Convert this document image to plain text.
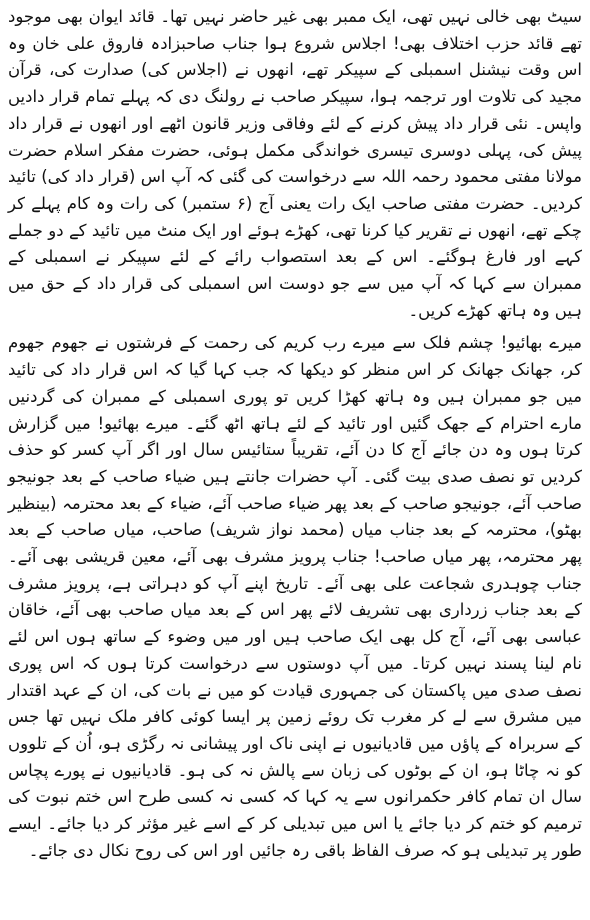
سیٹ بھی خالی نہیں تھی، ایک ممبر بھی غیر حاضر نہیں تھا۔ قائد ایوان بھی موجود تھے قائد حزب اختلاف بھی! اجلاس شروع ہوا جناب صاحبزادہ فاروق علی خان وہ اس وقت نیشنل اسمبلی کے سپیکر تھے، انھوں نے (اجلاس کی) صدارت کی، قرآن مجید کی تلاوت اور ترجمہ ہوا، سپیکر صاحب نے رولنگ دی کہ پہلے تمام قرار دادیں واپس۔ نئی قرار داد پیش کرنے کے لئے وفاقی وزیر قانون اٹھے اور انھوں نے قرار داد پیش کی، پہلی دوسری تیسری خواندگی مکمل ہوئی، حضرت مفکر اسلام حضرت مولانا مفتی محمود رحمہ اللہ سے درخواست کی گئی کہ آپ اس (قرار داد کی) تائید کردیں۔ حضرت مفتی صاحب ایک رات یعنی آج (۶ ستمبر) کی رات وہ کام پہلے کر چکے تھے، انھوں نے تقریر کیا کرنا تھی، کھڑے ہوئے اور ایک منٹ میں تائید کے دو جملے کہے اور فارغ ہوگئے۔ اس کے بعد استصواب رائے کے لئے سپیکر نے اسمبلی کے ممبران سے کہا کہ آپ میں سے جو دوست اس اسمبلی کی قرار داد کے حق میں ہیں وہ ہاتھ کھڑے کریں۔

میرے بھائیو! چشم فلک سے میرے رب کریم کی رحمت کے فرشتوں نے جھوم جھوم کر، جھانک جھانک کر اس منظر کو دیکھا کہ جب کہا گیا کہ اس قرار داد کی تائید میں جو ممبران ہیں وہ ہاتھ کھڑا کریں تو پوری اسمبلی کے ممبران کی گردنیں مارے احترام کے جھک گئیں اور تائید کے لئے ہاتھ اٹھ گئے۔ میرے بھائیو! میں گزارش کرتا ہوں وہ دن جائے آج کا دن آئے، تقریباً ستائیس سال اور اگر آپ کسر کو حذف کردیں تو نصف صدی بیت گئی۔ آپ حضرات جانتے ہیں ضیاء صاحب کے بعد جونیجو صاحب آئے، جونیجو صاحب کے بعد پھر ضیاء صاحب آئے، ضیاء کے بعد محترمہ (بینظیر بھٹو)، محترمہ کے بعد جناب میاں (محمد نواز شریف) صاحب، میاں صاحب کے بعد پھر محترمہ، پھر میاں صاحب! جناب پرویز مشرف بھی آئے، معین قریشی بھی آئے۔ جناب چوہدری شجاعت علی بھی آئے۔ تاریخ اپنے آپ کو دہراتی ہے، پرویز مشرف کے بعد جناب زرداری بھی تشریف لائے پھر اس کے بعد میاں صاحب بھی آئے، خاقان عباسی بھی آئے، آج کل بھی ایک صاحب ہیں اور میں وضوء کے ساتھ ہوں اس لئے نام لینا پسند نہیں کرتا۔ میں آپ دوستوں سے درخواست کرتا ہوں کہ اس پوری نصف صدی میں پاکستان کی جمہوری قیادت کو میں نے بات کی، ان کے عہد اقتدار میں مشرق سے لے کر مغرب تک روئے زمین پر ایسا کوئی کافر ملک نہیں تھا جس کے سربراہ کے پاؤں میں قادیانیوں نے اپنی ناک اور پیشانی نہ رگڑی ہو، اُن کے تلووں کو نہ چاٹا ہو، ان کے بوٹوں کی زبان سے پالش نہ کی ہو۔ قادیانیوں نے پورے پچاس سال ان تمام کافر حکمرانوں سے یہ کہا کہ کسی نہ کسی طرح اس ختم نبوت کی ترمیم کو ختم کر دیا جائے یا اس میں تبدیلی کر کے اسے غیر مؤثر کر دیا جائے۔ ایسے طور پر تبدیلی ہو کہ صرف الفاظ باقی رہ جائیں اور اس کی روح نکال دی جائے۔
